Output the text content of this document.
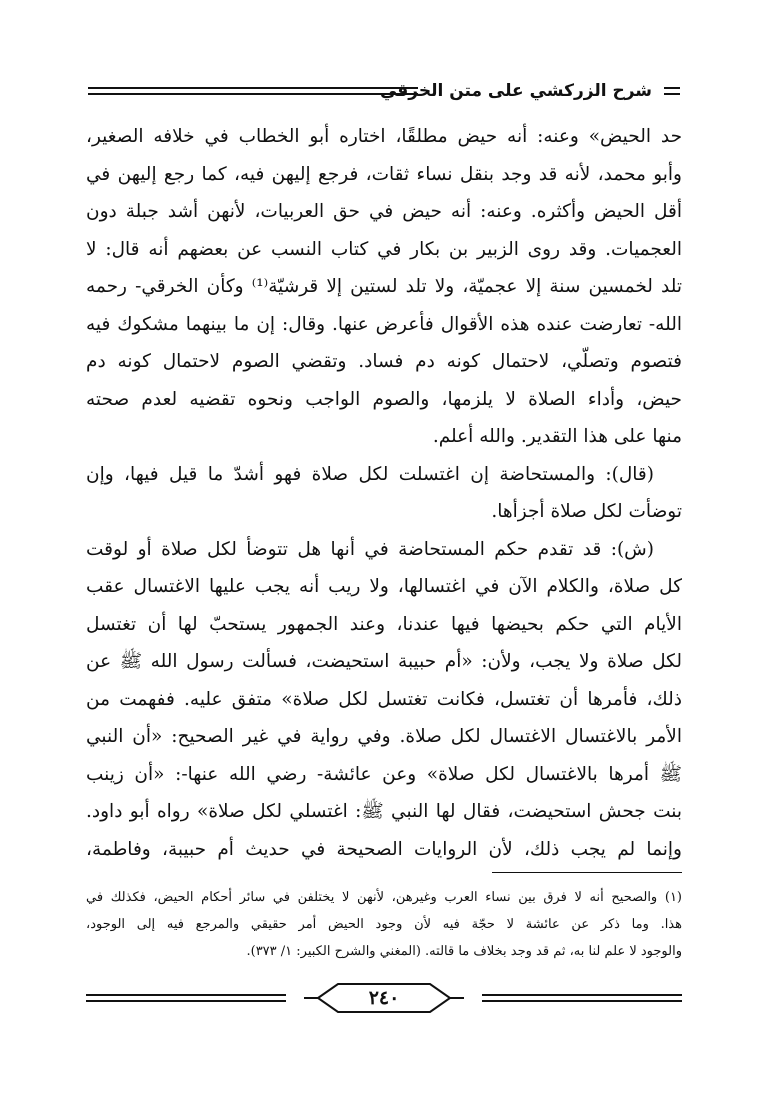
شرح الزركشي على متن الخرقي
حد الحيض» وعنه: أنه حيض مطلقًا، اختاره أبو الخطاب في خلافه الصغير،
وأبو محمد، لأنه قد وجد بنقل نساء ثقات، فرجع إليهن فيه، كما رجع إليهن في
أقل الحيض وأكثره. وعنه: أنه حيض في حق العربيات، لأنهن أشد جبلة دون
العجميات. وقد روى الزبير بن بكار في كتاب النسب عن بعضهم أنه قال: لا
تلد لخمسين سنة إلا عجميّة، ولا تلد لستين إلا قرشيّة⁽¹⁾ وكأن الخرقي- رحمه
الله- تعارضت عنده هذه الأقوال فأعرض عنها. وقال: إن ما بينهما مشكوك فيه
فتصوم وتصلّي، لاحتمال كونه دم فساد. وتقضي الصوم لاحتمال كونه دم
حيض، وأداء الصلاة لا يلزمها، والصوم الواجب ونحوه تقضيه لعدم صحته
منها على هذا التقدير. والله أعلم.
(قال): والمستحاضة إن اغتسلت لكل صلاة فهو أشدّ ما قيل فيها، وإن
توضأت لكل صلاة أجزأها.
(ش): قد تقدم حكم المستحاضة في أنها هل تتوضأ لكل صلاة أو لوقت
كل صلاة، والكلام الآن في اغتسالها، ولا ريب أنه يجب عليها الاغتسال عقب
الأيام التي حكم بحيضها فيها عندنا، وعند الجمهور يستحبّ لها أن تغتسل
لكل صلاة ولا يجب، ولأن: «أم حبيبة استحيضت، فسألت رسول الله ﷺ عن
ذلك، فأمرها أن تغتسل، فكانت تغتسل لكل صلاة» متفق عليه. ففهمت من
الأمر بالاغتسال الاغتسال لكل صلاة. وفي رواية في غير الصحيح: «أن النبي
ﷺ أمرها بالاغتسال لكل صلاة» وعن عائشة- رضي الله عنها-: «أن زينب
بنت جحش استحيضت، فقال لها النبي ﷺ: اغتسلي لكل صلاة» رواه أبو داود.
وإنما لم يجب ذلك، لأن الروايات الصحيحة في حديث أم حبيبة، وفاطمة،
(١) والصحيح أنه لا فرق بين نساء العرب وغيرهن، لأنهن لا يختلفن في سائر أحكام الحيض، فكذلك في
هذا. وما ذكر عن عائشة لا حجّة فيه لأن وجود الحيض أمر حقيقي والمرجع فيه إلى الوجود،
والوجود لا علم لنا به، ثم قد وجد بخلاف ما قالته. (المغني والشرح الكبير: ١/ ٣٧٣).
٢٤٠
